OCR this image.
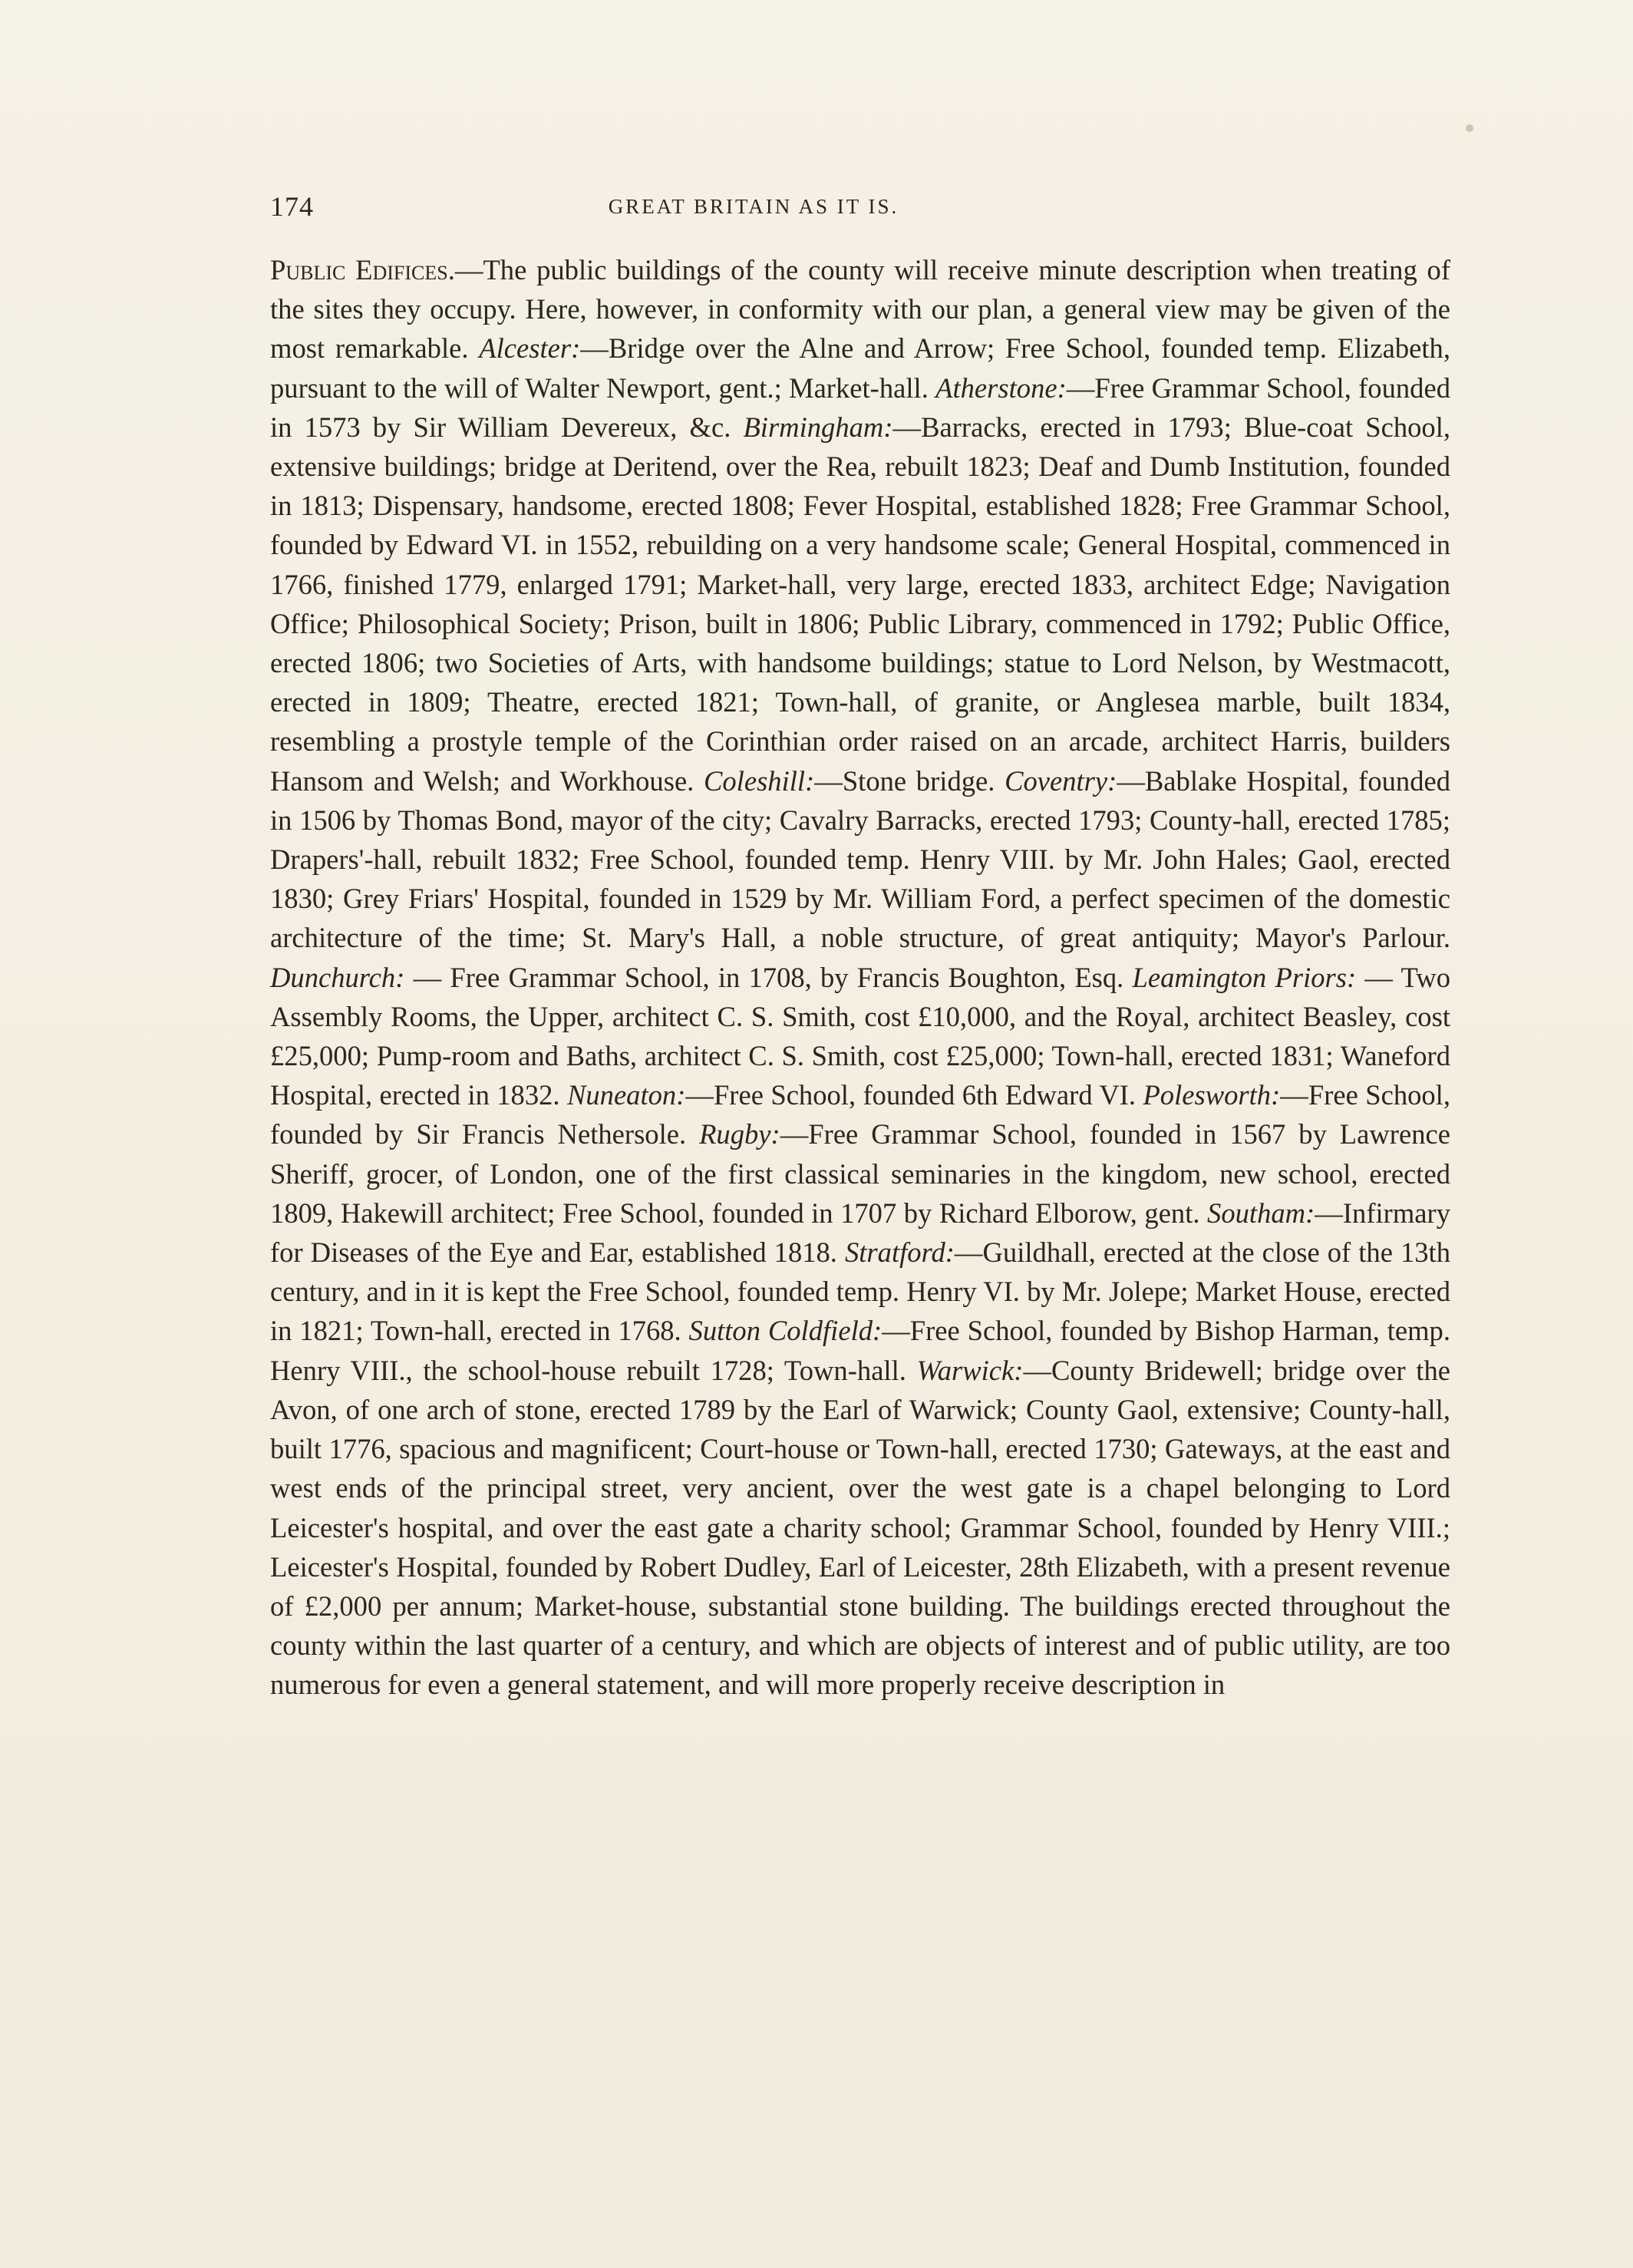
174	GREAT BRITAIN AS IT IS.

Public Edifices.—The public buildings of the county will receive minute description when treating of the sites they occupy. Here, however, in conformity with our plan, a general view may be given of the most remarkable. Alcester:—Bridge over the Alne and Arrow; Free School, founded temp. Elizabeth, pursuant to the will of Walter Newport, gent.; Market-hall. Atherstone:—Free Grammar School, founded in 1573 by Sir William Devereux, &c. Birmingham:—Barracks, erected in 1793; Blue-coat School, extensive buildings; bridge at Deritend, over the Rea, rebuilt 1823; Deaf and Dumb Institution, founded in 1813; Dispensary, handsome, erected 1808; Fever Hospital, established 1828; Free Grammar School, founded by Edward VI. in 1552, rebuilding on a very handsome scale; General Hospital, commenced in 1766, finished 1779, enlarged 1791; Market-hall, very large, erected 1833, architect Edge; Navigation Office; Philosophical Society; Prison, built in 1806; Public Library, commenced in 1792; Public Office, erected 1806; two Societies of Arts, with handsome buildings; statue to Lord Nelson, by Westmacott, erected in 1809; Theatre, erected 1821; Town-hall, of granite, or Anglesea marble, built 1834, resembling a prostyle temple of the Corinthian order raised on an arcade, architect Harris, builders Hansom and Welsh; and Workhouse. Coleshill:—Stone bridge. Coventry:—Bablake Hospital, founded in 1506 by Thomas Bond, mayor of the city; Cavalry Barracks, erected 1793; County-hall, erected 1785; Drapers'-hall, rebuilt 1832; Free School, founded temp. Henry VIII. by Mr. John Hales; Gaol, erected 1830; Grey Friars' Hospital, founded in 1529 by Mr. William Ford, a perfect specimen of the domestic architecture of the time; St. Mary's Hall, a noble structure, of great antiquity; Mayor's Parlour. Dunchurch: — Free Grammar School, in 1708, by Francis Boughton, Esq. Leamington Priors: — Two Assembly Rooms, the Upper, architect C. S. Smith, cost £10,000, and the Royal, architect Beasley, cost £25,000; Pump-room and Baths, architect C. S. Smith, cost £25,000; Town-hall, erected 1831; Waneford Hospital, erected in 1832. Nuneaton:—Free School, founded 6th Edward VI. Polesworth:—Free School, founded by Sir Francis Nethersole. Rugby:—Free Grammar School, founded in 1567 by Lawrence Sheriff, grocer, of London, one of the first classical seminaries in the kingdom, new school, erected 1809, Hakewill architect; Free School, founded in 1707 by Richard Elborow, gent. Southam:—Infirmary for Diseases of the Eye and Ear, established 1818. Stratford:—Guildhall, erected at the close of the 13th century, and in it is kept the Free School, founded temp. Henry VI. by Mr. Jolepe; Market House, erected in 1821; Town-hall, erected in 1768. Sutton Coldfield:—Free School, founded by Bishop Harman, temp. Henry VIII., the school-house rebuilt 1728; Town-hall. Warwick:—County Bridewell; bridge over the Avon, of one arch of stone, erected 1789 by the Earl of Warwick; County Gaol, extensive; County-hall, built 1776, spacious and magnificent; Court-house or Town-hall, erected 1730; Gateways, at the east and west ends of the principal street, very ancient, over the west gate is a chapel belonging to Lord Leicester's hospital, and over the east gate a charity school; Grammar School, founded by Henry VIII.; Leicester's Hospital, founded by Robert Dudley, Earl of Leicester, 28th Elizabeth, with a present revenue of £2,000 per annum; Market-house, substantial stone building. The buildings erected throughout the county within the last quarter of a century, and which are objects of interest and of public utility, are too numerous for even a general statement, and will more properly receive description in
